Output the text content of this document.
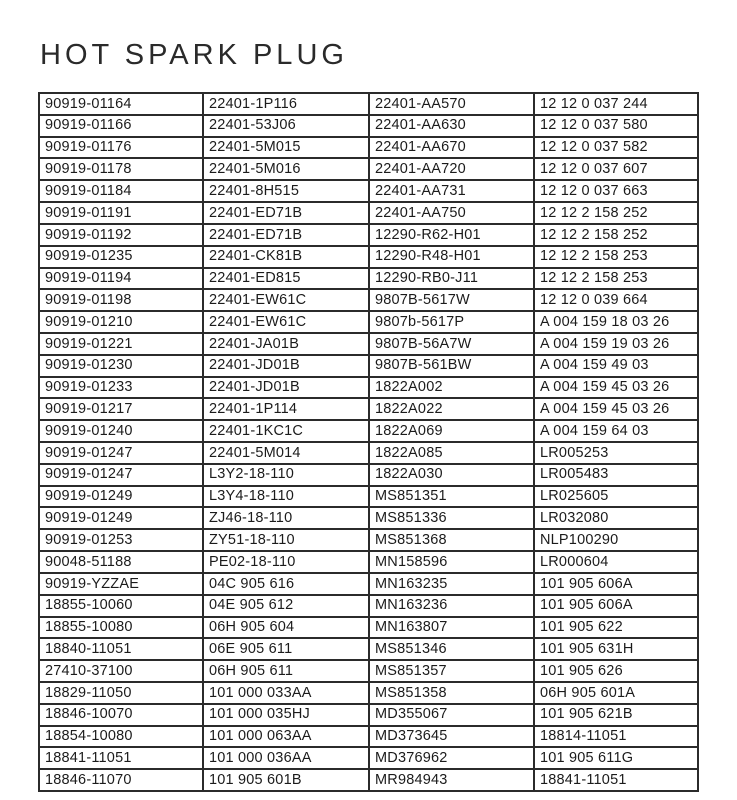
HOT SPARK PLUG
90919-01164	22401-1P116	22401-AA570	12 12 0 037 244
90919-01166	22401-53J06	22401-AA630	12 12 0 037 580
90919-01176	22401-5M015	22401-AA670	12 12 0 037 582
90919-01178	22401-5M016	22401-AA720	12 12 0 037 607
90919-01184	22401-8H515	22401-AA731	12 12 0 037 663
90919-01191	22401-ED71B	22401-AA750	12 12 2 158 252
90919-01192	22401-ED71B	12290-R62-H01	12 12 2 158 252
90919-01235	22401-CK81B	12290-R48-H01	12 12 2 158 253
90919-01194	22401-ED815	12290-RB0-J11	12 12 2 158 253
90919-01198	22401-EW61C	9807B-5617W	12 12 0 039 664
90919-01210	22401-EW61C	9807b-5617P	A 004 159 18 03 26
90919-01221	22401-JA01B	9807B-56A7W	A 004 159 19 03 26
90919-01230	22401-JD01B	9807B-561BW	A 004 159 49 03
90919-01233	22401-JD01B	1822A002	A 004 159 45 03 26
90919-01217	22401-1P114	1822A022	A 004 159 45 03 26
90919-01240	22401-1KC1C	1822A069	A 004 159 64 03
90919-01247	22401-5M014	1822A085	LR005253
90919-01247	L3Y2-18-110	1822A030	LR005483
90919-01249	L3Y4-18-110	MS851351	LR025605
90919-01249	ZJ46-18-110	MS851336	LR032080
90919-01253	ZY51-18-110	MS851368	NLP100290
90048-51188	PE02-18-110	MN158596	LR000604
90919-YZZAE	04C 905 616	MN163235	101 905 606A
18855-10060	04E 905 612	MN163236	101 905 606A
18855-10080	06H 905 604	MN163807	101 905 622
18840-11051	06E 905 611	MS851346	101 905 631H
27410-37100	06H 905 611	MS851357	101 905 626
18829-11050	101 000 033AA	MS851358	06H 905 601A
18846-10070	101 000 035HJ	MD355067	101 905 621B
18854-10080	101 000 063AA	MD373645	18814-11051
18841-11051	101 000 036AA	MD376962	101 905 611G
18846-11070	101 905 601B	MR984943	18841-11051
